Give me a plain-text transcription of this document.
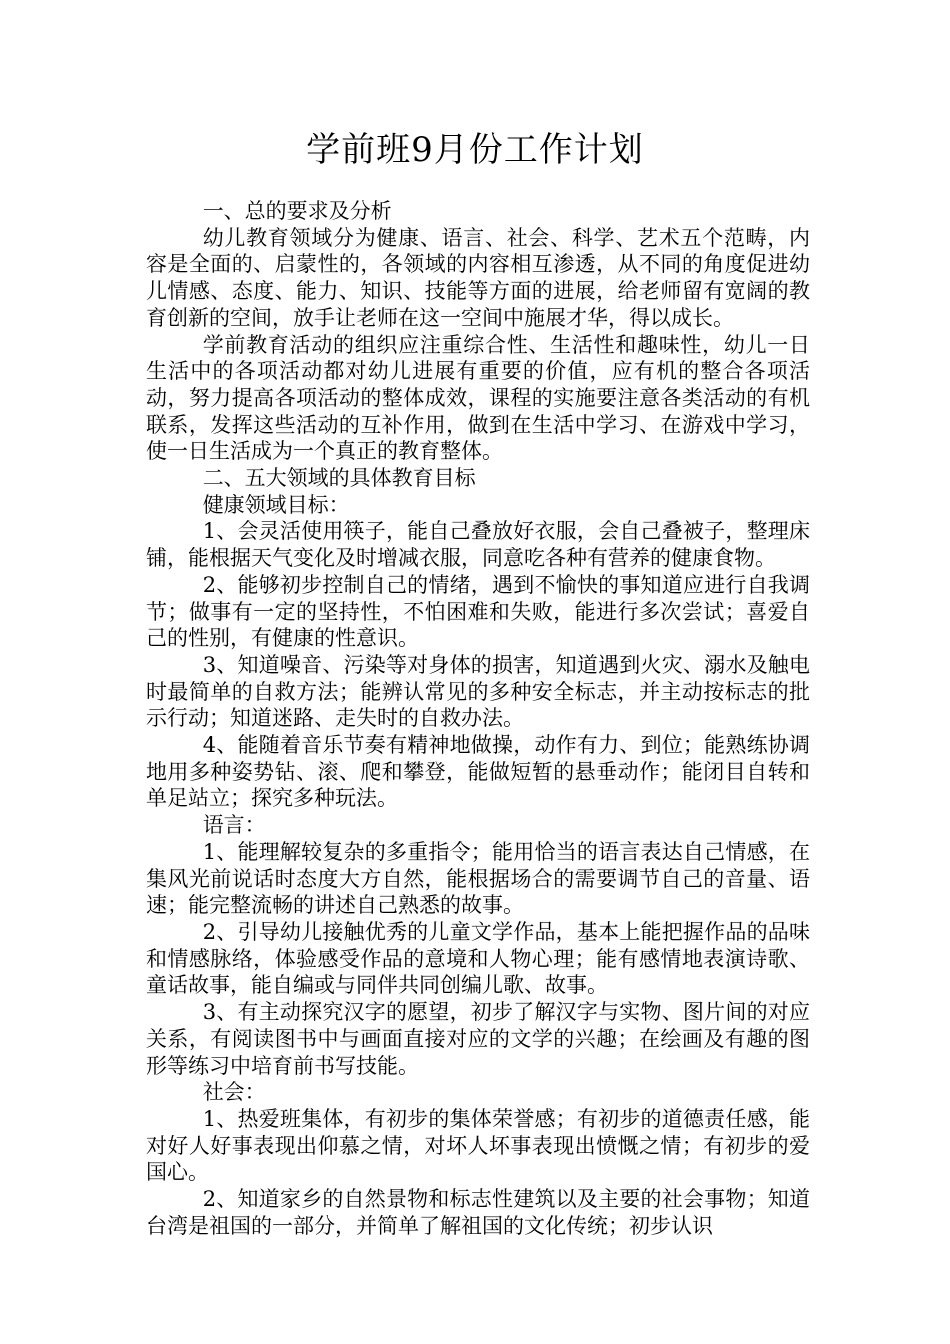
学前班9月份工作计划

一、总的要求及分析

幼儿教育领域分为健康、语言、社会、科学、艺术五个范畴，内容是全面的、启蒙性的，各领域的内容相互渗透，从不同的角度促进幼儿情感、态度、能力、知识、技能等方面的进展，给老师留有宽阔的教育创新的空间，放手让老师在这一空间中施展才华，得以成长。

学前教育活动的组织应注重综合性、生活性和趣味性，幼儿一日生活中的各项活动都对幼儿进展有重要的价值，应有机的整合各项活动，努力提高各项活动的整体成效，课程的实施要注意各类活动的有机联系，发挥这些活动的互补作用，做到在生活中学习、在游戏中学习，使一日生活成为一个真正的教育整体。

二、五大领域的具体教育目标

健康领域目标：

1、会灵活使用筷子，能自己叠放好衣服，会自己叠被子，整理床铺，能根据天气变化及时增减衣服，同意吃各种有营养的健康食物。

2、能够初步控制自己的情绪，遇到不愉快的事知道应进行自我调节；做事有一定的坚持性，不怕困难和失败，能进行多次尝试；喜爱自己的性别，有健康的性意识。

3、知道噪音、污染等对身体的损害，知道遇到火灾、溺水及触电时最简单的自救方法；能辨认常见的多种安全标志，并主动按标志的批示行动；知道迷路、走失时的自救办法。

4、能随着音乐节奏有精神地做操，动作有力、到位；能熟练协调地用多种姿势钻、滚、爬和攀登，能做短暂的悬垂动作；能闭目自转和单足站立；探究多种玩法。

语言：

1、能理解较复杂的多重指令；能用恰当的语言表达自己情感，在集风光前说话时态度大方自然，能根据场合的需要调节自己的音量、语速；能完整流畅的讲述自己熟悉的故事。

2、引导幼儿接触优秀的儿童文学作品，基本上能把握作品的品味和情感脉络，体验感受作品的意境和人物心理；能有感情地表演诗歌、童话故事，能自编或与同伴共同创编儿歌、故事。

3、有主动探究汉字的愿望，初步了解汉字与实物、图片间的对应关系，有阅读图书中与画面直接对应的文学的兴趣；在绘画及有趣的图形等练习中培育前书写技能。

社会：

1、热爱班集体，有初步的集体荣誉感；有初步的道德责任感，能对好人好事表现出仰慕之情，对坏人坏事表现出愤慨之情；有初步的爱国心。

2、知道家乡的自然景物和标志性建筑以及主要的社会事物；知道台湾是祖国的一部分，并简单了解祖国的文化传统；初步认识
